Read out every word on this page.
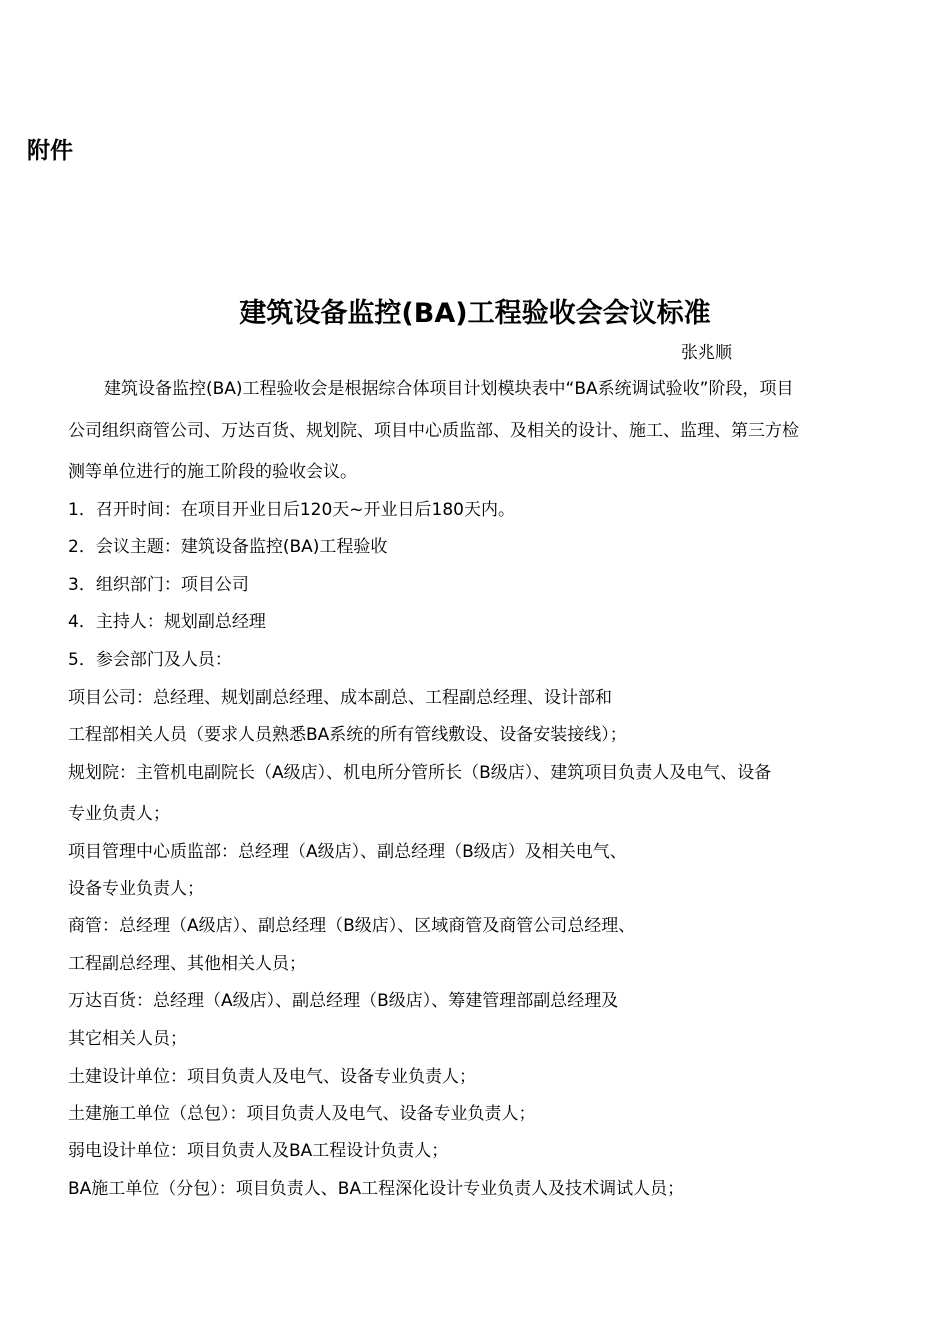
附件
建筑设备监控(BA)工程验收会会议标准
张兆顺
建筑设备监控(BA)工程验收会是根据综合体项目计划模块表中“BA系统调试验收”阶段，项目
公司组织商管公司、万达百货、规划院、项目中心质监部、及相关的设计、施工、监理、第三方检
测等单位进行的施工阶段的验收会议。
1．召开时间：在项目开业日后120天~开业日后180天内。
2．会议主题：建筑设备监控(BA)工程验收
3．组织部门：项目公司
4．主持人：规划副总经理
5．参会部门及人员：
项目公司：总经理、规划副总经理、成本副总、工程副总经理、设计部和
工程部相关人员（要求人员熟悉BA系统的所有管线敷设、设备安装接线）；
规划院：主管机电副院长（A级店）、机电所分管所长（B级店）、建筑项目负责人及电气、设备
专业负责人；
项目管理中心质监部：总经理（A级店）、副总经理（B级店）及相关电气、
设备专业负责人；
商管：总经理（A级店）、副总经理（B级店）、区域商管及商管公司总经理、
工程副总经理、其他相关人员；
万达百货：总经理（A级店）、副总经理（B级店）、筹建管理部副总经理及
其它相关人员；
土建设计单位：项目负责人及电气、设备专业负责人；
土建施工单位（总包）：项目负责人及电气、设备专业负责人；
弱电设计单位：项目负责人及BA工程设计负责人；
BA施工单位（分包）：项目负责人、BA工程深化设计专业负责人及技术调试人员；
